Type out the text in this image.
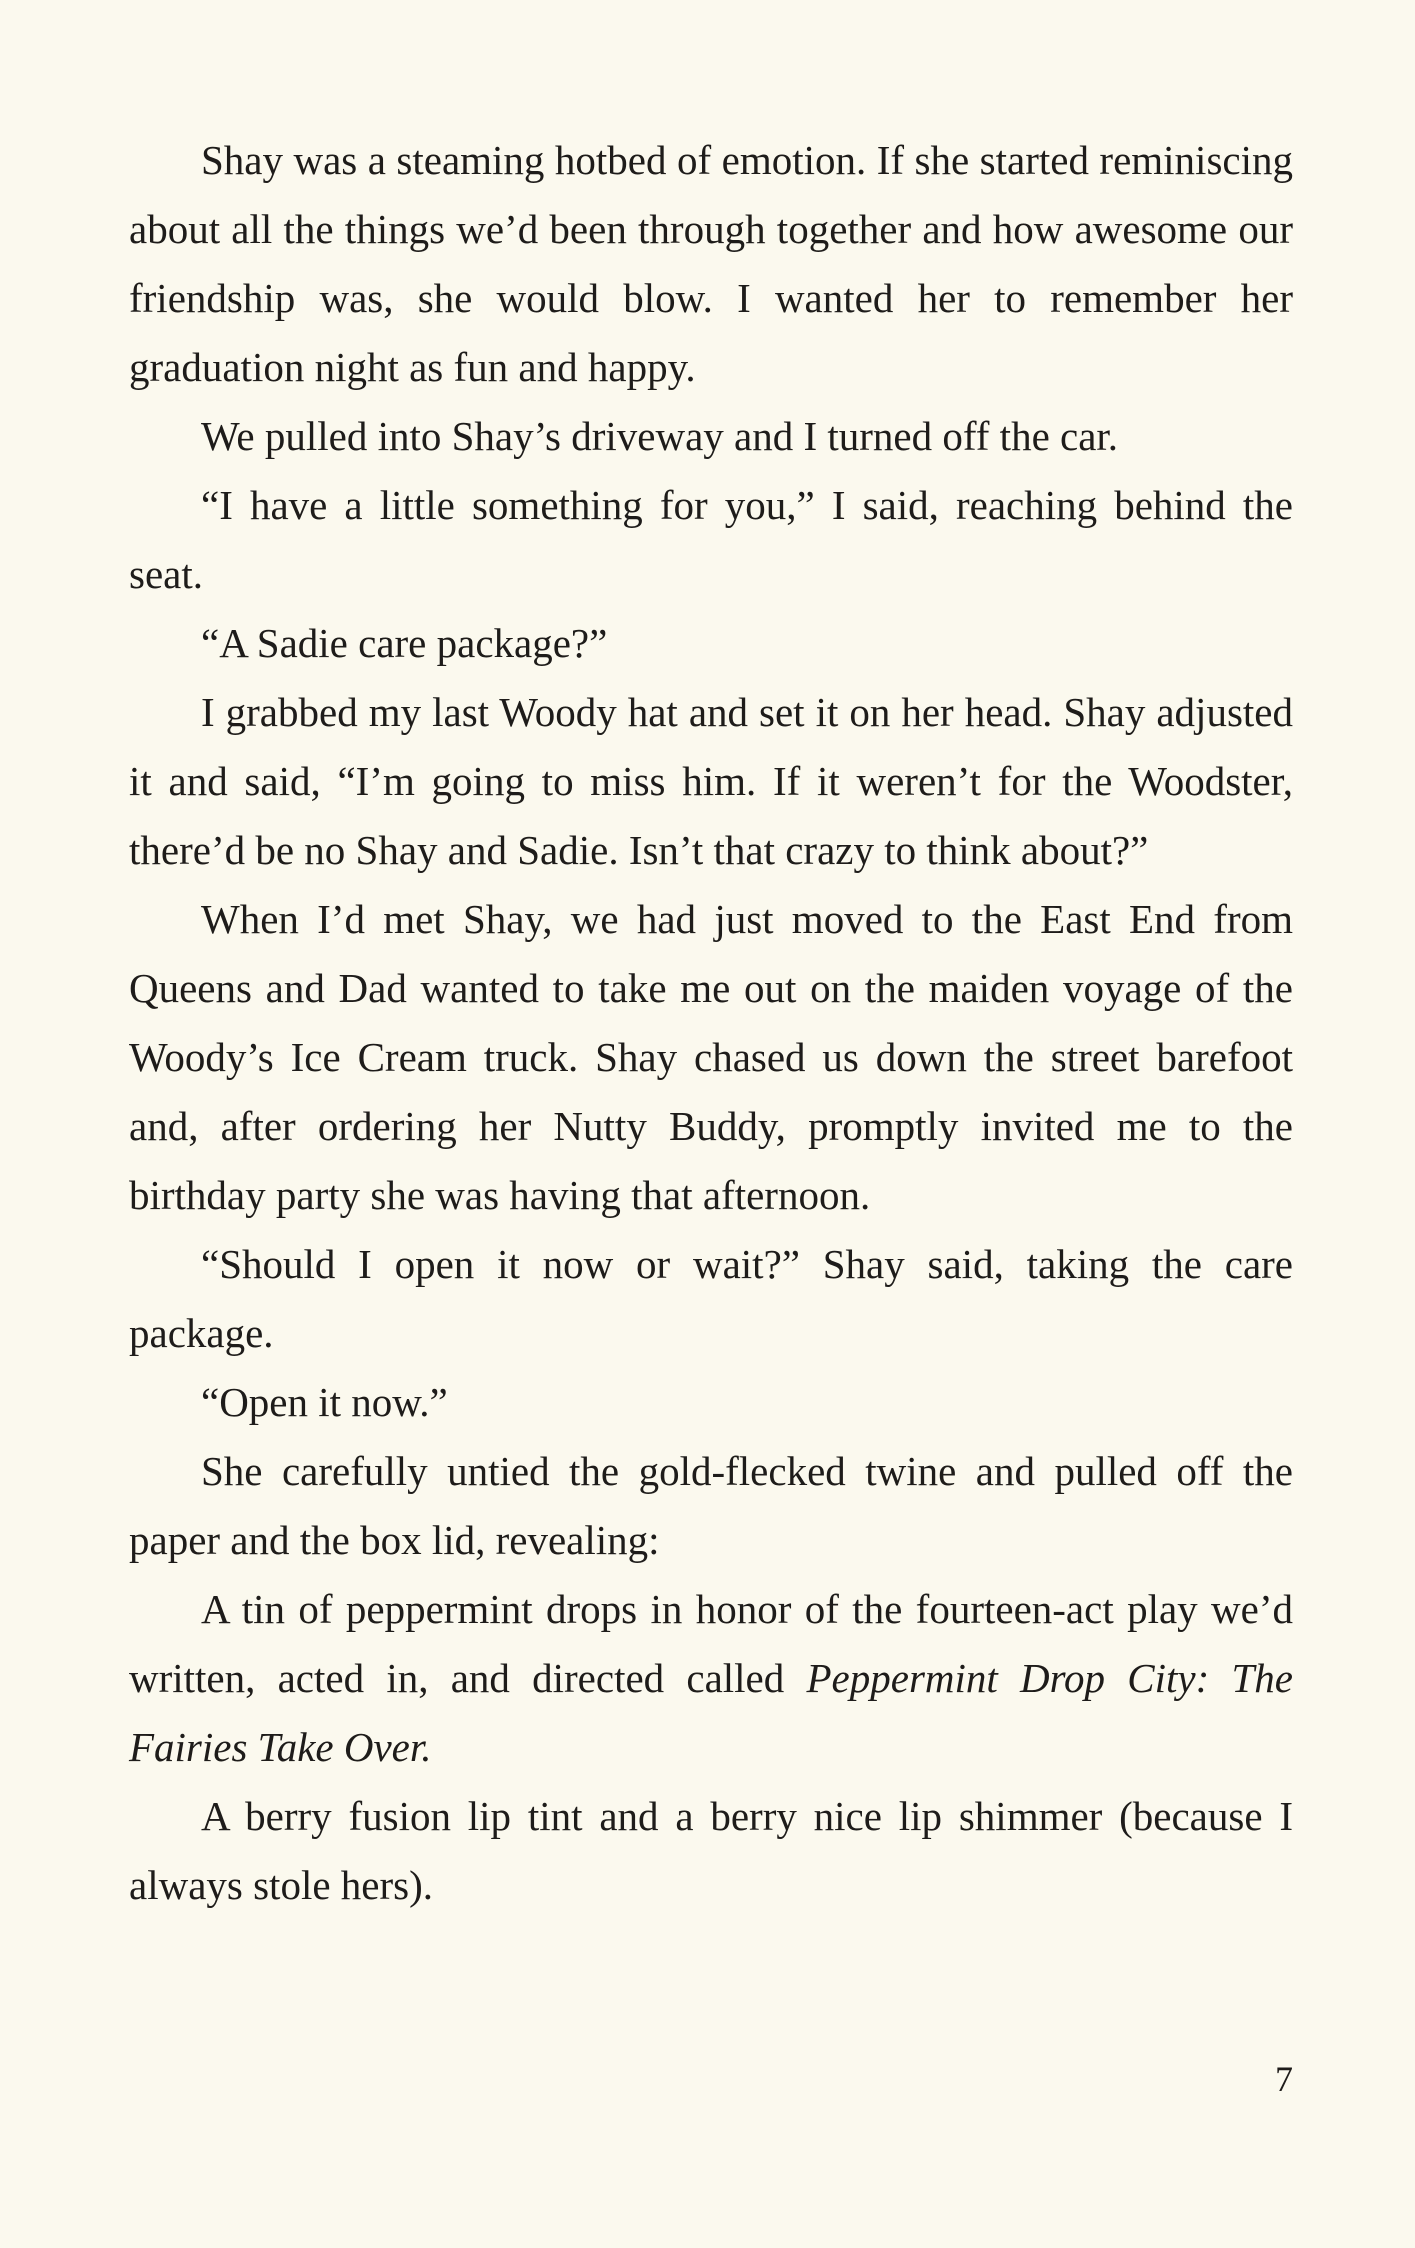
Shay was a steaming hotbed of emotion. If she started reminiscing about all the things we’d been through together and how awesome our friendship was, she would blow. I wanted her to remember her graduation night as fun and happy.

We pulled into Shay’s driveway and I turned off the car.

“I have a little something for you,” I said, reaching behind the seat.

“A Sadie care package?”

I grabbed my last Woody hat and set it on her head. Shay adjusted it and said, “I’m going to miss him. If it weren’t for the Woodster, there’d be no Shay and Sadie. Isn’t that crazy to think about?”

When I’d met Shay, we had just moved to the East End from Queens and Dad wanted to take me out on the maiden voyage of the Woody’s Ice Cream truck. Shay chased us down the street barefoot and, after ordering her Nutty Buddy, promptly invited me to the birthday party she was having that afternoon.

“Should I open it now or wait?” Shay said, taking the care package.

“Open it now.”

She carefully untied the gold-flecked twine and pulled off the paper and the box lid, revealing:

A tin of peppermint drops in honor of the fourteen-act play we’d written, acted in, and directed called Peppermint Drop City: The Fairies Take Over.

A berry fusion lip tint and a berry nice lip shimmer (because I always stole hers).

7
